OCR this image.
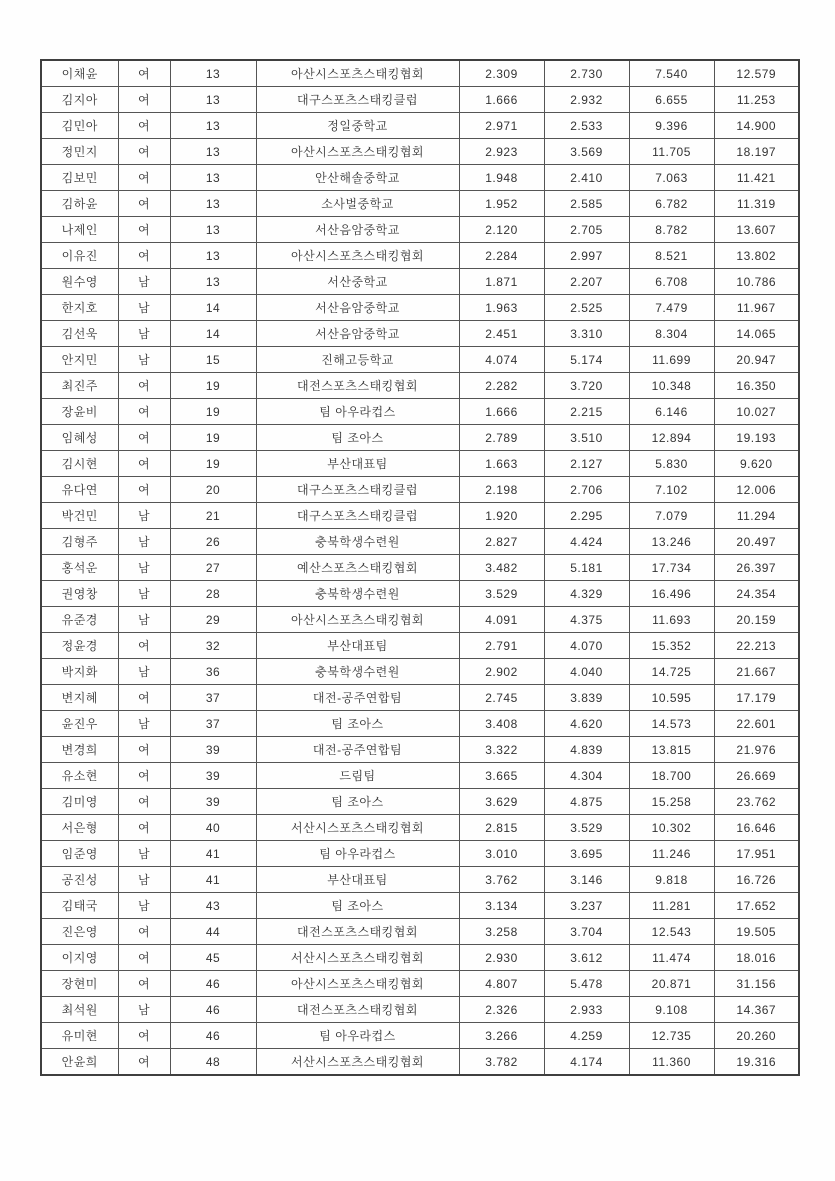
이채윤	여	13	아산시스포츠스태킹협회	2.309	2.730	7.540	12.579
김지아	여	13	대구스포츠스태킹클럽	1.666	2.932	6.655	11.253
김민아	여	13	정일중학교	2.971	2.533	9.396	14.900
정민지	여	13	아산시스포츠스태킹협회	2.923	3.569	11.705	18.197
김보민	여	13	안산해솔중학교	1.948	2.410	7.063	11.421
김하윤	여	13	소사벌중학교	1.952	2.585	6.782	11.319
나제인	여	13	서산음암중학교	2.120	2.705	8.782	13.607
이유진	여	13	아산시스포츠스태킹협회	2.284	2.997	8.521	13.802
원수영	남	13	서산중학교	1.871	2.207	6.708	10.786
한지호	남	14	서산음암중학교	1.963	2.525	7.479	11.967
김선욱	남	14	서산음암중학교	2.451	3.310	8.304	14.065
안지민	남	15	진해고등학교	4.074	5.174	11.699	20.947
최진주	여	19	대전스포츠스태킹협회	2.282	3.720	10.348	16.350
장윤비	여	19	팀 아우라컵스	1.666	2.215	6.146	10.027
임혜성	여	19	팀 조아스	2.789	3.510	12.894	19.193
김시현	여	19	부산대표팀	1.663	2.127	5.830	9.620
유다연	여	20	대구스포츠스태킹클럽	2.198	2.706	7.102	12.006
박건민	남	21	대구스포츠스태킹클럽	1.920	2.295	7.079	11.294
김형주	남	26	충북학생수련원	2.827	4.424	13.246	20.497
홍석운	남	27	예산스포츠스태킹협회	3.482	5.181	17.734	26.397
권영창	남	28	충북학생수련원	3.529	4.329	16.496	24.354
유준경	남	29	아산시스포츠스태킹협회	4.091	4.375	11.693	20.159
정윤경	여	32	부산대표팀	2.791	4.070	15.352	22.213
박지화	남	36	충북학생수련원	2.902	4.040	14.725	21.667
변지혜	여	37	대전-공주연합팀	2.745	3.839	10.595	17.179
윤진우	남	37	팀 조아스	3.408	4.620	14.573	22.601
변경희	여	39	대전-공주연합팀	3.322	4.839	13.815	21.976
유소현	여	39	드림팀	3.665	4.304	18.700	26.669
김미영	여	39	팀 조아스	3.629	4.875	15.258	23.762
서은형	여	40	서산시스포츠스태킹협회	2.815	3.529	10.302	16.646
임준영	남	41	팀 아우라컵스	3.010	3.695	11.246	17.951
공진성	남	41	부산대표팀	3.762	3.146	9.818	16.726
김태국	남	43	팀 조아스	3.134	3.237	11.281	17.652
진은영	여	44	대전스포츠스태킹협회	3.258	3.704	12.543	19.505
이지영	여	45	서산시스포츠스태킹협회	2.930	3.612	11.474	18.016
장현미	여	46	아산시스포츠스태킹협회	4.807	5.478	20.871	31.156
최석원	남	46	대전스포츠스태킹협회	2.326	2.933	9.108	14.367
유미현	여	46	팀 아우라컵스	3.266	4.259	12.735	20.260
안윤희	여	48	서산시스포츠스태킹협회	3.782	4.174	11.360	19.316
